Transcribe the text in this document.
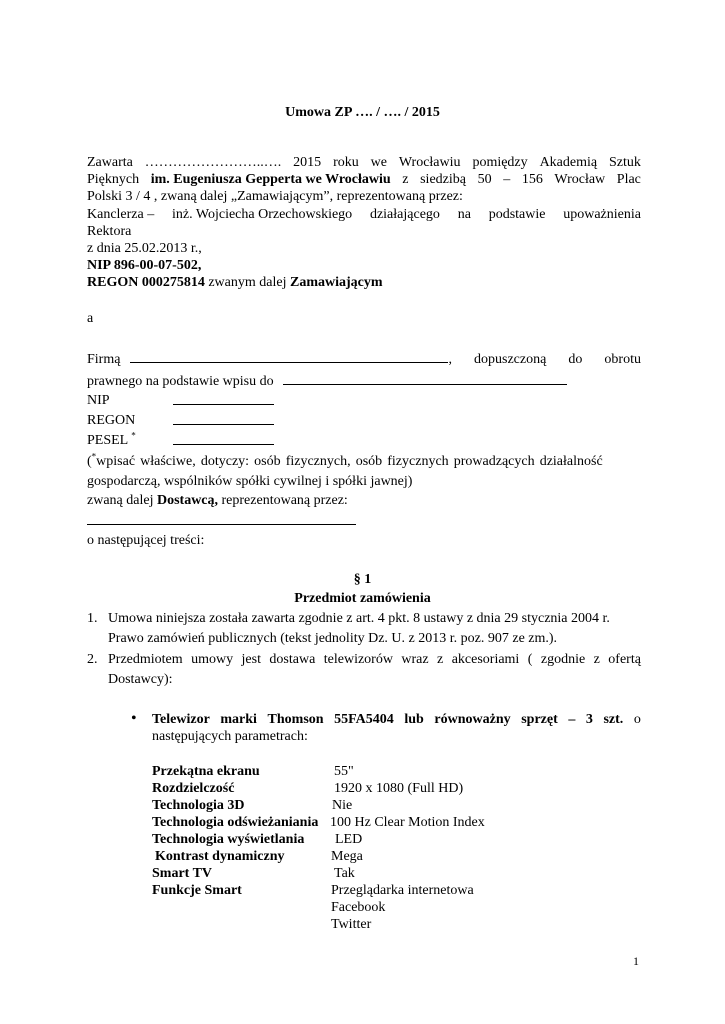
Umowa ZP …. / …. / 2015
Zawarta ……………………..…. 2015 roku we Wrocławiu pomiędzy Akademią Sztuk
Pięknych im. Eugeniusza Gepperta we Wrocławiu z siedzibą 50 – 156 Wrocław Plac
Polski 3 / 4 , zwaną dalej „Zamawiającym”, reprezentowaną przez:
Kanclerza – inż. Wojciecha Orzechowskiego działającego na podstawie upoważnienia
Rektora
z dnia 25.02.2013 r.,
NIP 896-00-07-502,
REGON 000275814 zwanym dalej Zamawiającym
a
Firmą	, dopuszczoną do obrotu
prawnego na podstawie wpisu do
NIP
REGON
PESEL *
(*wpisać właściwe, dotyczy: osób fizycznych, osób fizycznych prowadzących działalność
gospodarczą, wspólników spółki cywilnej i spółki jawnej)
zwaną dalej Dostawcą, reprezentowaną przez:
o następującej treści:
§ 1
Przedmiot zamówienia
1. Umowa niniejsza została zawarta zgodnie z art. 4 pkt. 8 ustawy z dnia 29 stycznia 2004 r.
Prawo zamówień publicznych (tekst jednolity Dz. U. z 2013 r. poz. 907 ze zm.).
2. Przedmiotem umowy jest dostawa telewizorów wraz z akcesoriami ( zgodnie z ofertą
Dostawcy):
• Telewizor marki Thomson 55FA5404 lub równoważny sprzęt – 3 szt. o
następujących parametrach:
Przekątna ekranu	55"
Rozdzielczość	1920 x 1080 (Full HD)
Technologia 3D	Nie
Technologia odświeżaniania 100 Hz Clear Motion Index
Technologia wyświetlania LED
Kontrast dynamiczny	Mega
Smart TV	Tak
Funkcje Smart	Przeglądarka internetowa
Facebook
Twitter
1
